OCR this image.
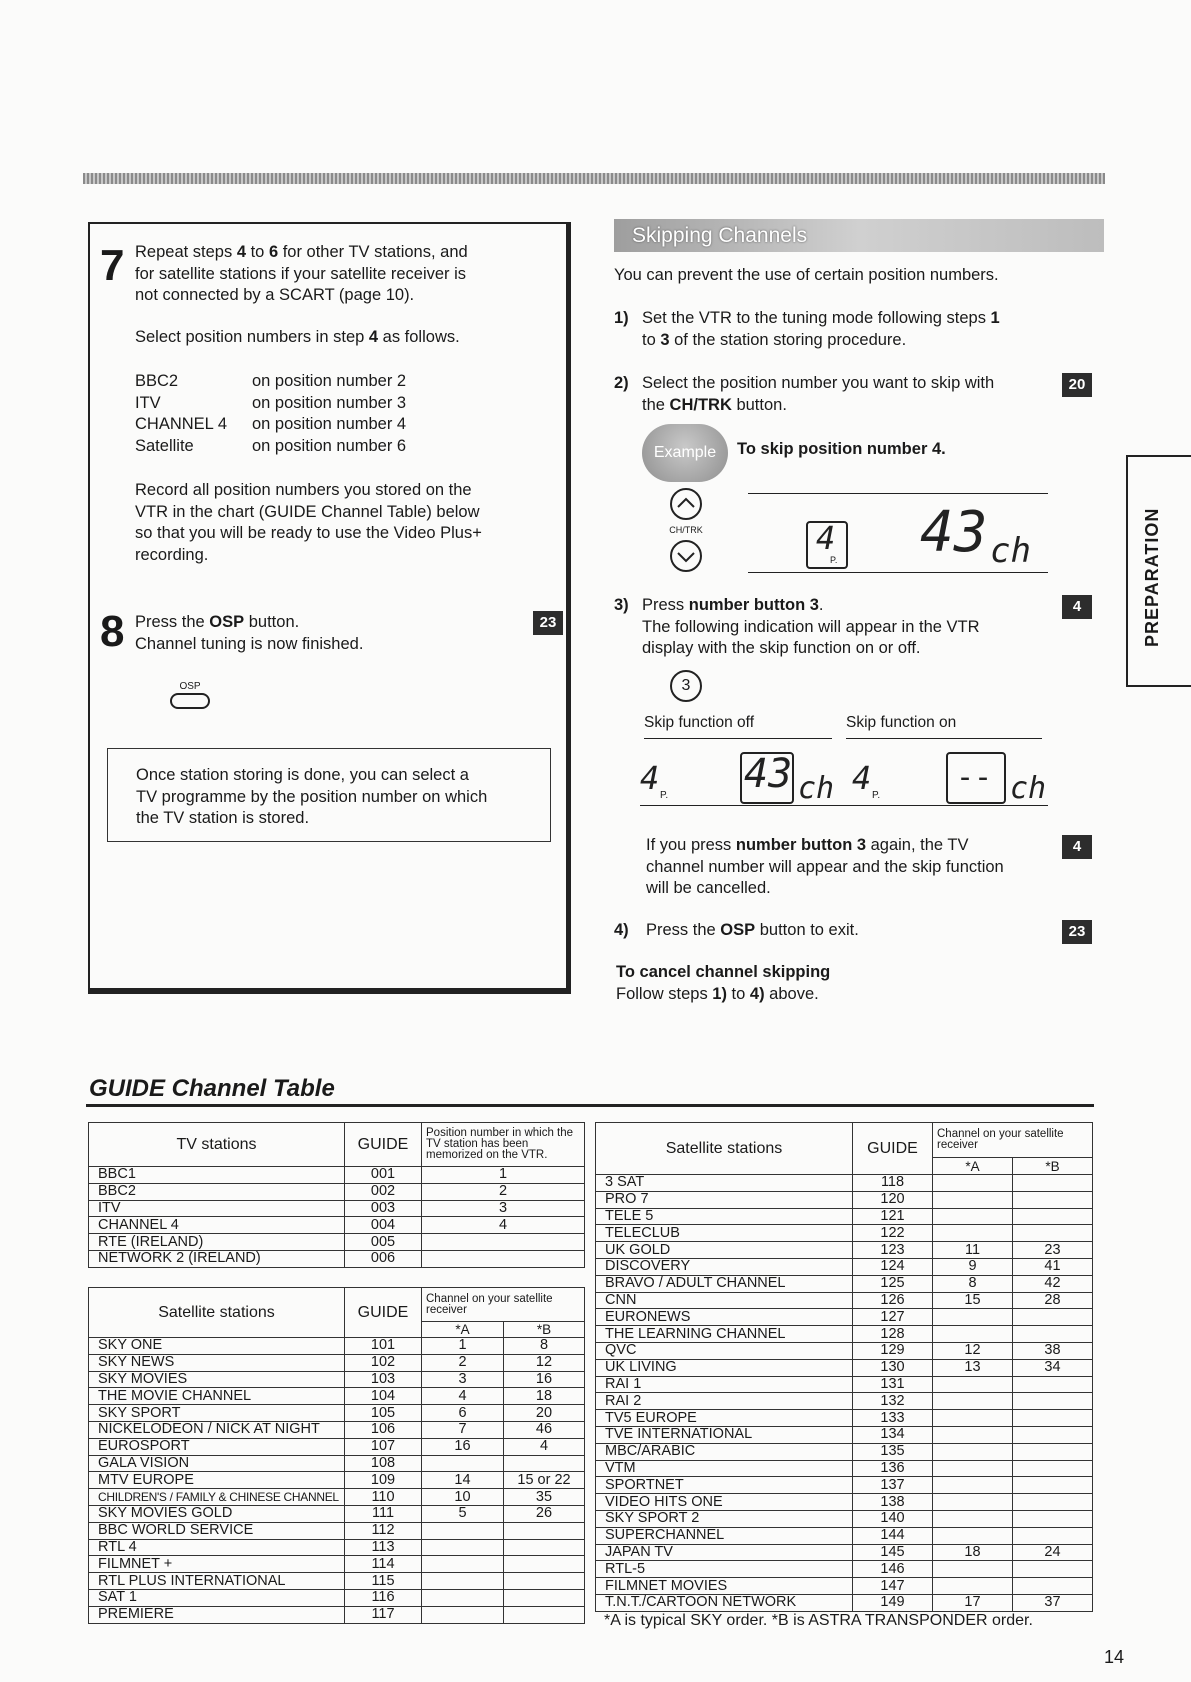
7 Repeat steps 4 to 6 for other TV stations, and
for satellite stations if your satellite receiver is
not connected by a SCART (page 10).
Select position numbers in step 4 as follows.
BBC2	on position number 2
ITV	on position number 3
CHANNEL 4	on position number 4
Satellite	on position number 6
Record all position numbers you stored on the
VTR in the chart (GUIDE Channel Table) below
so that you will be ready to use the Video Plus+
recording.
8 Press the OSP button.
Channel tuning is now finished.
23
OSP
Once station storing is done, you can select a
TV programme by the position number on which
the TV station is stored.
Skipping Channels
You can prevent the use of certain position numbers.
1) Set the VTR to the tuning mode following steps 1
to 3 of the station storing procedure.
2) Select the position number you want to skip with
the CH/TRK button.
20
Example	To skip position number 4.
CH/TRK	4
P. 43 ch
3) Press number button 3.
The following indication will appear in the VTR
display with the skip function on or off.
4
3
Skip function off	Skip function on
4 P. 43 ch 4 P.
-- ch
If you press number button 3 again, the TV
channel number will appear and the skip function
will be cancelled.
4
4) Press the OSP button to exit.	23
To cancel channel skipping
Follow steps 1) to 4) above.
PREPARATION
GUIDE Channel Table
TV stations	GUIDE	Position number in which the TV station has been memorized on the VTR.
BBC1	001	1
BBC2	002	2
ITV	003	3
CHANNEL 4	004	4
RTE (IRELAND)	005	
NETWORK 2 (IRELAND)	006	
Satellite stations	GUIDE	Channel on your satellite receiver	
		*A	*B
SKY ONE	101	1	8
SKY NEWS	102	2	12
SKY MOVIES	103	3	16
THE MOVIE CHANNEL	104	4	18
SKY SPORT	105	6	20
NICKELODEON / NICK AT NIGHT	106	7	46
EUROSPORT	107	16	4
GALA VISION	108		
MTV EUROPE	109	14	15 or 22
CHILDREN'S / FAMILY & CHINESE CHANNEL	110	10	35
SKY MOVIES GOLD	111	5	26
BBC WORLD SERVICE	112		
RTL 4	113		
FILMNET +	114		
RTL PLUS INTERNATIONAL	115		
SAT 1	116		
PREMIERE	117		
Satellite stations	GUIDE	Channel on your satellite receiver	
		*A	*B
3 SAT	118		
PRO 7	120		
TELE 5	121		
TELECLUB	122		
UK GOLD	123	11	23
DISCOVERY	124	9	41
BRAVO / ADULT CHANNEL	125	8	42
CNN	126	15	28
EURONEWS	127		
THE LEARNING CHANNEL	128		
QVC	129	12	38
UK LIVING	130	13	34
RAI 1	131		
RAI 2	132		
TV5 EUROPE	133		
TVE INTERNATIONAL	134		
MBC/ARABIC	135		
VTM	136		
SPORTNET	137		
VIDEO HITS ONE	138		
SKY SPORT 2	140		
SUPERCHANNEL	144		
JAPAN TV	145	18	24
RTL-5	146		
FILMNET MOVIES	147		
T.N.T./CARTOON NETWORK	149	17	37
*A is typical SKY order. *B is ASTRA TRANSPONDER order.
14
